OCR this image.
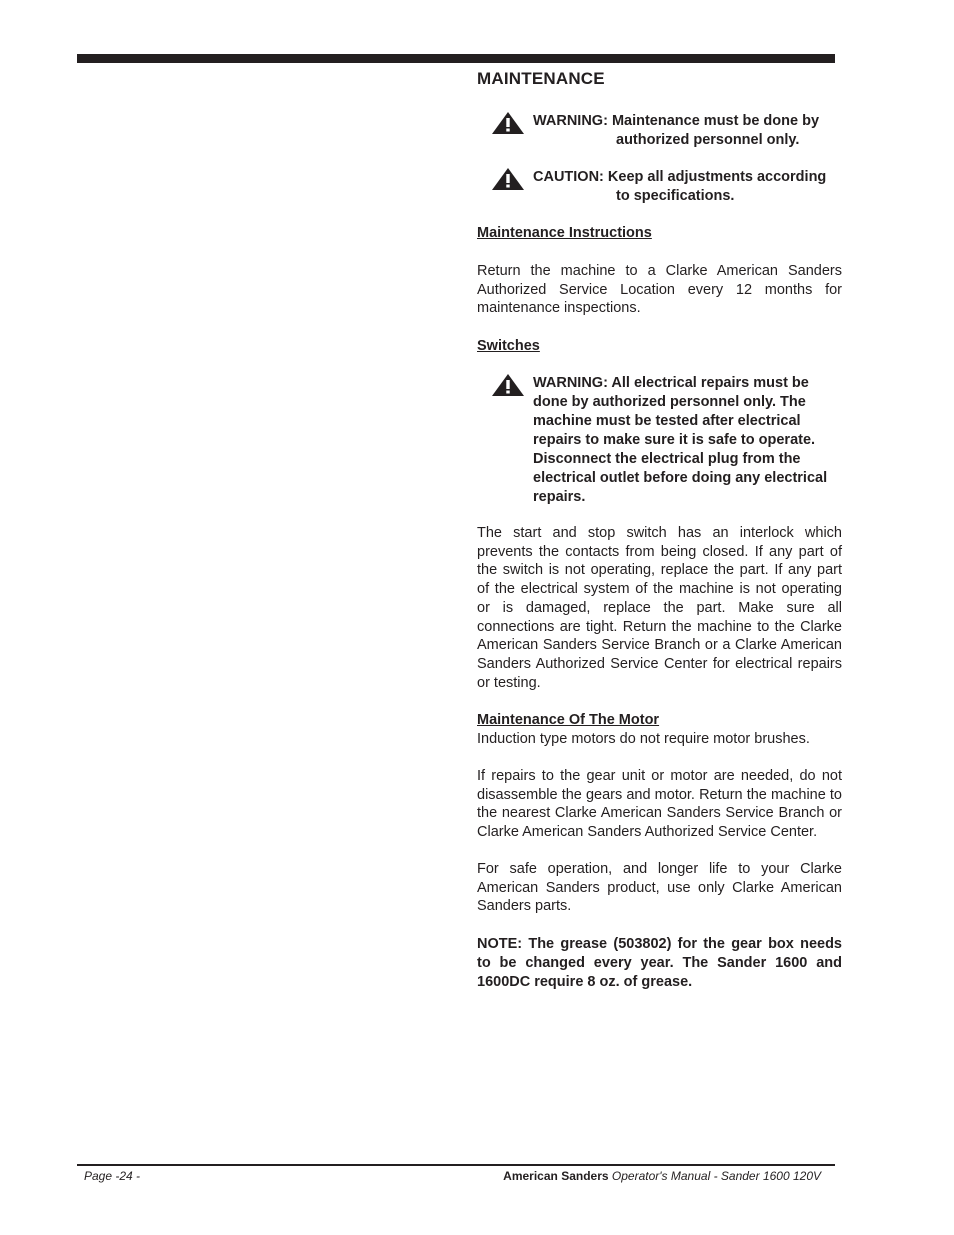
MAINTENANCE
WARNING: Maintenance must be done by
authorized personnel only.
CAUTION: Keep all adjustments according
to specifications.
Maintenance Instructions
Return the machine to a Clarke American Sanders Authorized Service Location every 12 months for maintenance inspections.
Switches
WARNING: All electrical repairs must be done by authorized personnel only. The machine must be tested after electrical repairs to make sure it is safe to operate. Disconnect the electrical plug from the electrical outlet before doing any electrical repairs.
The start and stop switch has an interlock which prevents the contacts from being closed. If any part of the switch is not operating, replace the part. If any part of the electrical system of the machine is not operating or is damaged, replace the part. Make sure all connections are tight. Return the machine to the Clarke American Sanders Service Branch or a Clarke American Sanders Authorized Service Center for electrical repairs or testing.
Maintenance Of The Motor
Induction type motors do not require motor brushes.
If repairs to the gear unit or motor are needed, do not disassemble the gears and motor. Return the machine to the nearest Clarke American Sanders Service Branch or Clarke American Sanders Authorized Service Center.
For safe operation, and longer life to your Clarke American Sanders product, use only Clarke American Sanders parts.
NOTE: The grease (503802) for the gear box needs to be changed every year. The Sander 1600 and 1600DC require 8 oz. of grease.
Page -24 -	American Sanders Operator's Manual - Sander 1600 120V
